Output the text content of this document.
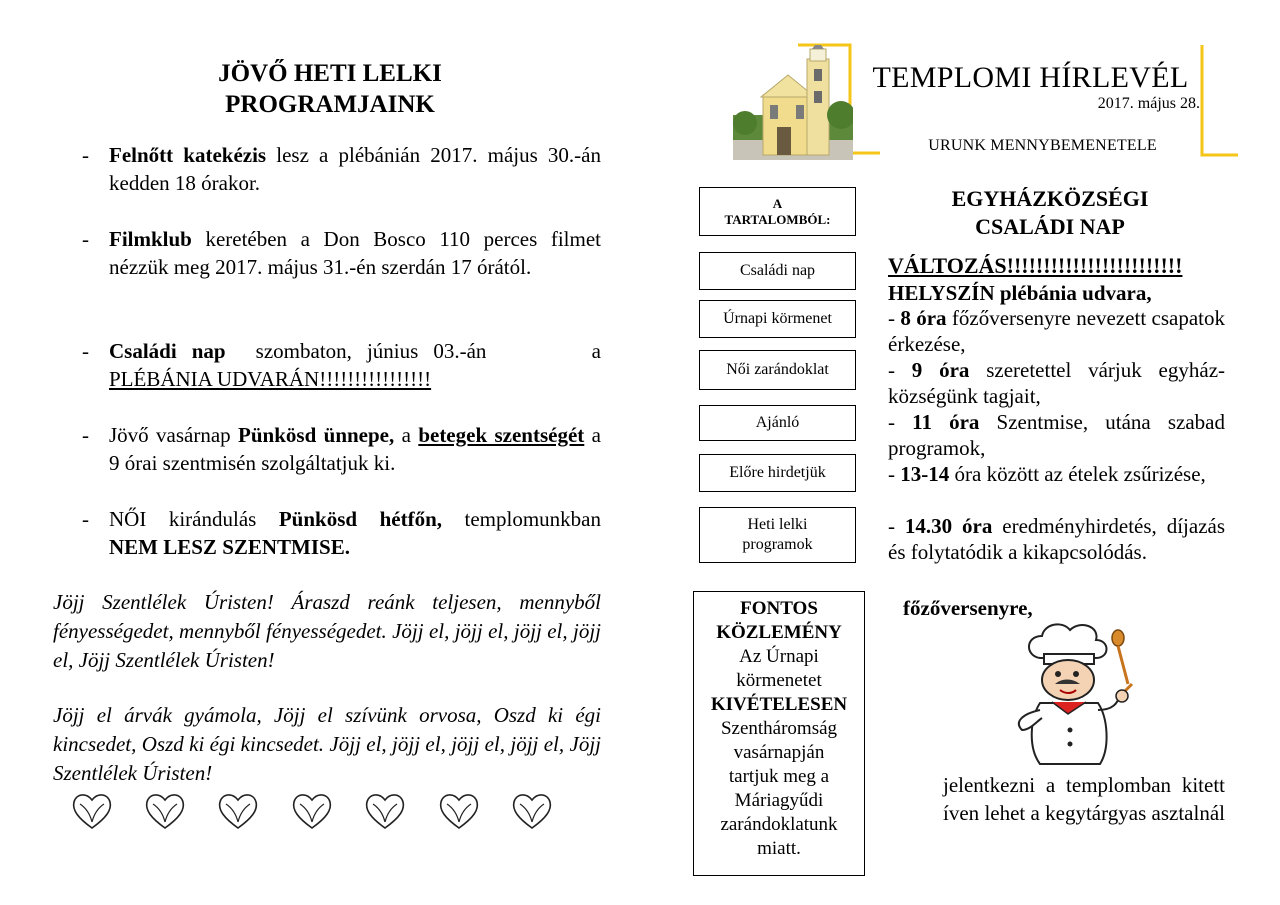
JÖVŐ HETI LELKI
PROGRAMJAINK
- Felnőtt katekézis lesz a plébánián 2017. május 30.-án kedden 18 órakor.
- Filmklub keretében a Don Bosco 110 perces filmet nézzük meg 2017. május 31.-én szerdán 17 órától.
- Családi nap  szombaton, június 03.-án       a
PLÉBÁNIA UDVARÁN!!!!!!!!!!!!!!!!
- Jövő vasárnap Pünkösd ünnepe, a betegek szentségét a 9 órai szentmisén szolgáltatjuk ki.
- NŐI kirándulás Pünkösd hétfőn, templomunkban
NEM LESZ SZENTMISE.
Jöjj Szentlélek Úristen! Áraszd reánk teljesen, mennyből fényességedet, mennyből fényességedet. Jöjj el, jöjj el, jöjj el, jöjj el, Jöjj Szentlélek Úristen!
Jöjj el árvák gyámola, Jöjj el szívünk orvosa, Oszd ki égi kincsedet, Oszd ki égi kincsedet. Jöjj el, jöjj el, jöjj el, jöjj el, Jöjj Szentlélek Úristen!
TEMPLOMI HÍRLEVÉL
2017. május 28.
URUNK MENNYBEMENETELE
A
TARTALOMBÓL:
Családi nap
Úrnapi körmenet
Női zarándoklat
Ajánló
Előre hirdetjük
Heti lelki programok
FONTOS
KÖZLEMÉNY
Az Úrnapi körmenetet
KIVÉTELESEN
Szentháromság vasárnapján tartjuk meg a Máriagyűdi zarándoklatunk miatt.
EGYHÁZKÖZSÉGI
CSALÁDI NAP
VÁLTOZÁS!!!!!!!!!!!!!!!!!!!!!!!!
HELYSZÍN plébánia udvara,
- 8 óra főzőversenyre nevezett csapatok érkezése,
- 9 óra szeretettel várjuk egyház-községünk tagjait,
- 11 óra Szentmise, utána szabad programok,
- 13-14 óra között az ételek zsűrizése,
- 14.30 óra eredményhirdetés, díjazás és folytatódik a kikapcsolódás.
főzőversenyre,
jelentkezni a templomban kitett íven lehet a kegytárgyas asztalnál
